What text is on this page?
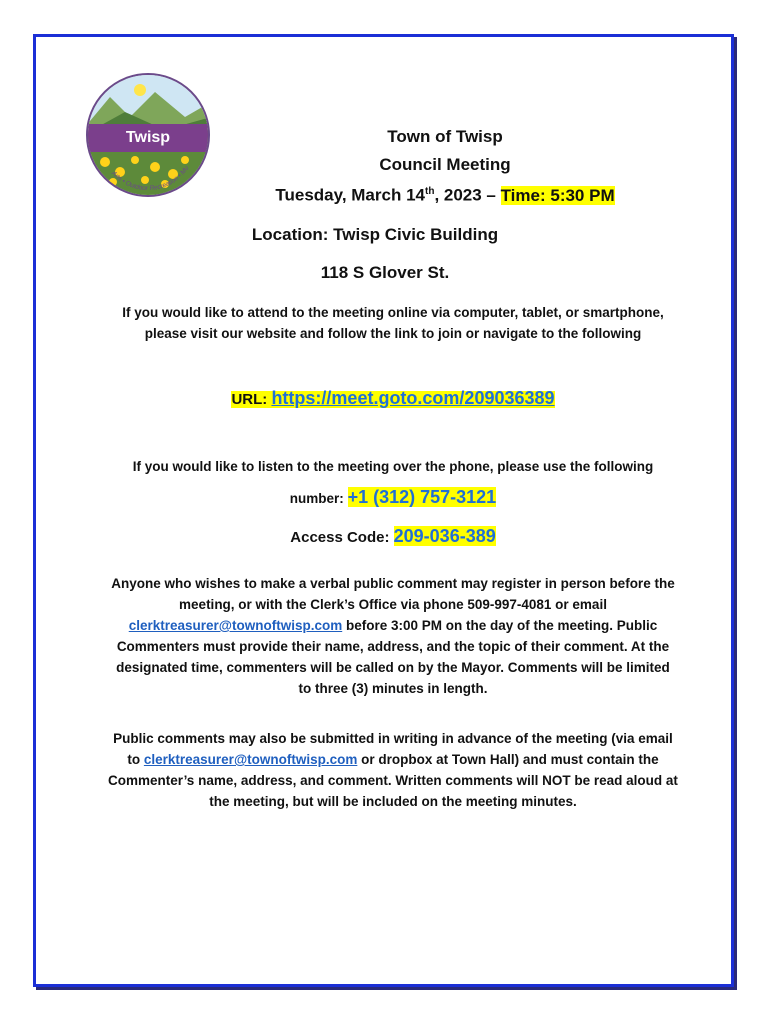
Twisp
Arts • Outdoor Recreation • Mu
Town of Twisp
Council Meeting
Tuesday, March 14th, 2023 – Time: 5:30 PM
Location: Twisp Civic Building
118 S Glover St.
If you would like to attend to the meeting online via computer, tablet, or smartphone, please visit our website and follow the link to join or navigate to the following
URL: https://meet.goto.com/209036389
If you would like to listen to the meeting over the phone, please use the following number: +1 (312) 757-3121
Access Code: 209-036-389
Anyone who wishes to make a verbal public comment may register in person before the meeting, or with the Clerk’s Office via phone 509-997-4081 or email clerktreasurer@townoftwisp.com before 3:00 PM on the day of the meeting. Public Commenters must provide their name, address, and the topic of their comment. At the designated time, commenters will be called on by the Mayor. Comments will be limited to three (3) minutes in length.
Public comments may also be submitted in writing in advance of the meeting (via email to clerktreasurer@townoftwisp.com or dropbox at Town Hall) and must contain the Commenter’s name, address, and comment. Written comments will NOT be read aloud at the meeting, but will be included on the meeting minutes.
